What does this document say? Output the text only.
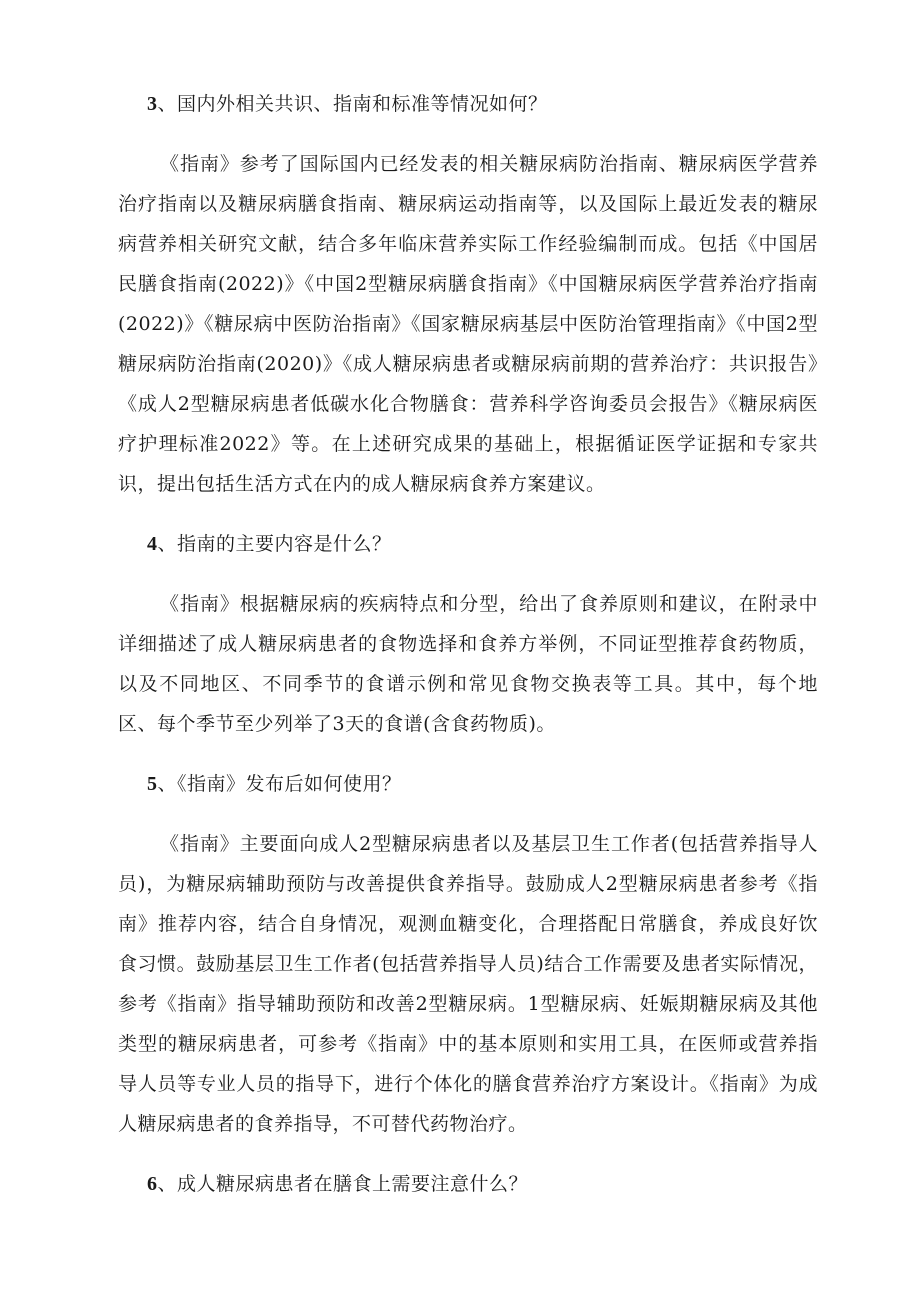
3、国内外相关共识、指南和标准等情况如何？

《指南》参考了国际国内已经发表的相关糖尿病防治指南、糖尿病医学营养治疗指南以及糖尿病膳食指南、糖尿病运动指南等，以及国际上最近发表的糖尿病营养相关研究文献，结合多年临床营养实际工作经验编制而成。包括《中国居民膳食指南(2022)》《中国2型糖尿病膳食指南》《中国糖尿病医学营养治疗指南(2022)》《糖尿病中医防治指南》《国家糖尿病基层中医防治管理指南》《中国2型糖尿病防治指南(2020)》《成人糖尿病患者或糖尿病前期的营养治疗：共识报告》《成人2型糖尿病患者低碳水化合物膳食：营养科学咨询委员会报告》《糖尿病医疗护理标准2022》等。在上述研究成果的基础上，根据循证医学证据和专家共识，提出包括生活方式在内的成人糖尿病食养方案建议。

4、指南的主要内容是什么？

《指南》根据糖尿病的疾病特点和分型，给出了食养原则和建议，在附录中详细描述了成人糖尿病患者的食物选择和食养方举例，不同证型推荐食药物质，以及不同地区、不同季节的食谱示例和常见食物交换表等工具。其中，每个地区、每个季节至少列举了3天的食谱(含食药物质)。

5、《指南》发布后如何使用？

《指南》主要面向成人2型糖尿病患者以及基层卫生工作者(包括营养指导人员)，为糖尿病辅助预防与改善提供食养指导。鼓励成人2型糖尿病患者参考《指南》推荐内容，结合自身情况，观测血糖变化，合理搭配日常膳食，养成良好饮食习惯。鼓励基层卫生工作者(包括营养指导人员)结合工作需要及患者实际情况，参考《指南》指导辅助预防和改善2型糖尿病。1型糖尿病、妊娠期糖尿病及其他类型的糖尿病患者，可参考《指南》中的基本原则和实用工具，在医师或营养指导人员等专业人员的指导下，进行个体化的膳食营养治疗方案设计。《指南》为成人糖尿病患者的食养指导，不可替代药物治疗。

6、成人糖尿病患者在膳食上需要注意什么？
